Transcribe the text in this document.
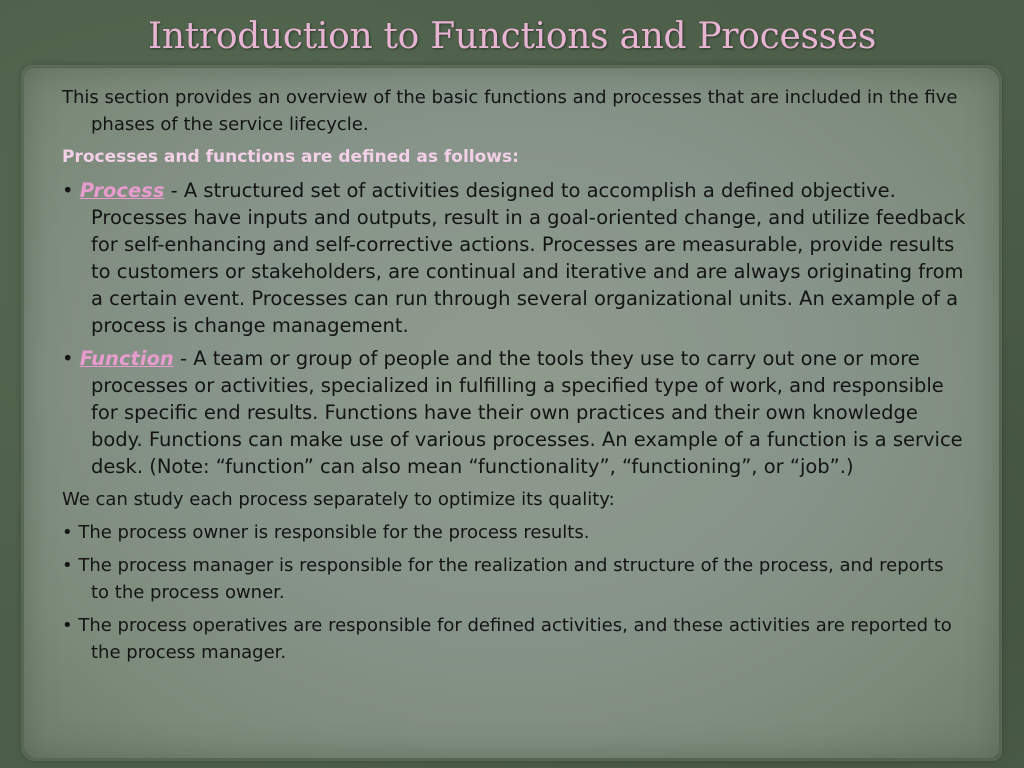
Introduction to Functions and Processes

This section provides an overview of the basic functions and processes that are included in the five phases of the service lifecycle.

Processes and functions are defined as follows:

• Process - A structured set of activities designed to accomplish a defined objective. Processes have inputs and outputs, result in a goal-oriented change, and utilize feedback for self-enhancing and self-corrective actions. Processes are measurable, provide results to customers or stakeholders, are continual and iterative and are always originating from a certain event. Processes can run through several organizational units. An example of a process is change management.

• Function - A team or group of people and the tools they use to carry out one or more processes or activities, specialized in fulfilling a specified type of work, and responsible for specific end results. Functions have their own practices and their own knowledge body. Functions can make use of various processes. An example of a function is a service desk. (Note: “function” can also mean “functionality”, “functioning”, or “job”.)

We can study each process separately to optimize its quality:

• The process owner is responsible for the process results.

• The process manager is responsible for the realization and structure of the process, and reports to the process owner.

• The process operatives are responsible for defined activities, and these activities are reported to the process manager.
